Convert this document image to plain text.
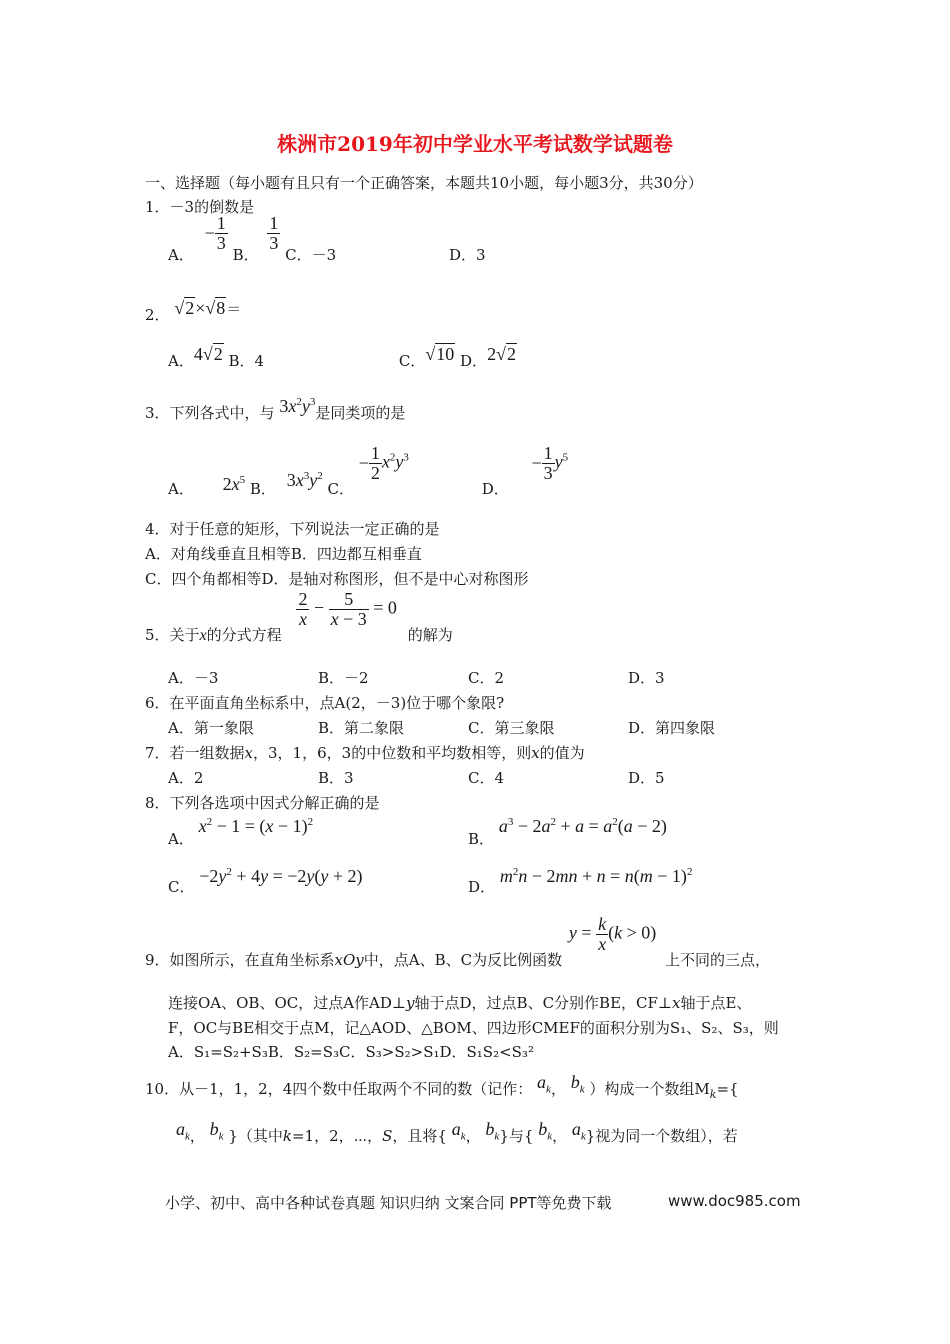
株洲市2019年初中学业水平考试数学试题卷
一、选择题（每小题有且只有一个正确答案，本题共10小题，每小题3分，共30分）
1．－3的倒数是
A． − $\frac{1}{3}$
B．
$\frac{1}{3}$
C．－3	D．3
2． √2×√8＝
A．4√2 B．4	C．√10 D．2√2
3．下列各式中，与 $3x^2y^3$是同类项的是
A． $2x^5$ B． $3x^3y^2$ C． − $\frac{1}{2} x^2y^3$ D． − $\frac{1}{3} y^5$
4．对于任意的矩形，下列说法一定正确的是
A．对角线垂直且相等B．四边都互相垂直
C．四个角都相等D．是轴对称图形，但不是中心对称图形
5．关于x的分式方程
$\frac{2}{x} - \frac{5}{x - 3} = 0$ 的解为
A．－3	B．－2	C．2	D．3
6．在平面直角坐标系中，点A(2，－3)位于哪个象限?
A．第一象限	B．第二象限	C．第三象限	D．第四象限
7．若一组数据x，3，1，6，3的中位数和平均数相等，则x的值为
A．2	B．3	C．4	D．5
8．下列各选项中因式分解正确的是
A． $x^2 - 1 = (x - 1)^2$
B． $a^3 - 2a^2 + a = a^2(a - 2)$
C． $-2y^2 + 4y = -2y(y + 2)$
D． $m^2n - 2mn + n = n(m - 1)^2$
9．如图所示，在直角坐标系xOy中，点A、B、C为反比例函数 $y = \frac{k}{x} (k > 0)$ 上不同的三点，
连接OA、OB、OC，过点A作AD⊥y轴于点D，过点B、C分别作BE，CF⊥x轴于点E、
F，OC与BE相交于点M，记△AOD、△BOM、四边形CMEF的面积分别为S₁、S₂、S₃，则
A．S₁=S₂+S₃B．S₂=S₃C．S₃>S₂>S₁D．S₁S₂<S₃²
10．从－1，1，2，4四个数中任取两个不同的数（记作： $a_k$， $b_k$ ）构成一个数组$M_k=${
$a_k$， $b_k$ }（其中k=1，2，⋯，S，且将{ $a_k$， $b_k$}与{ $b_k$， $a_k$}视为同一个数组），若
小学、初中、高中各种试卷真题 知识归纳 文案合同 PPT等免费下载	www.doc985.com
